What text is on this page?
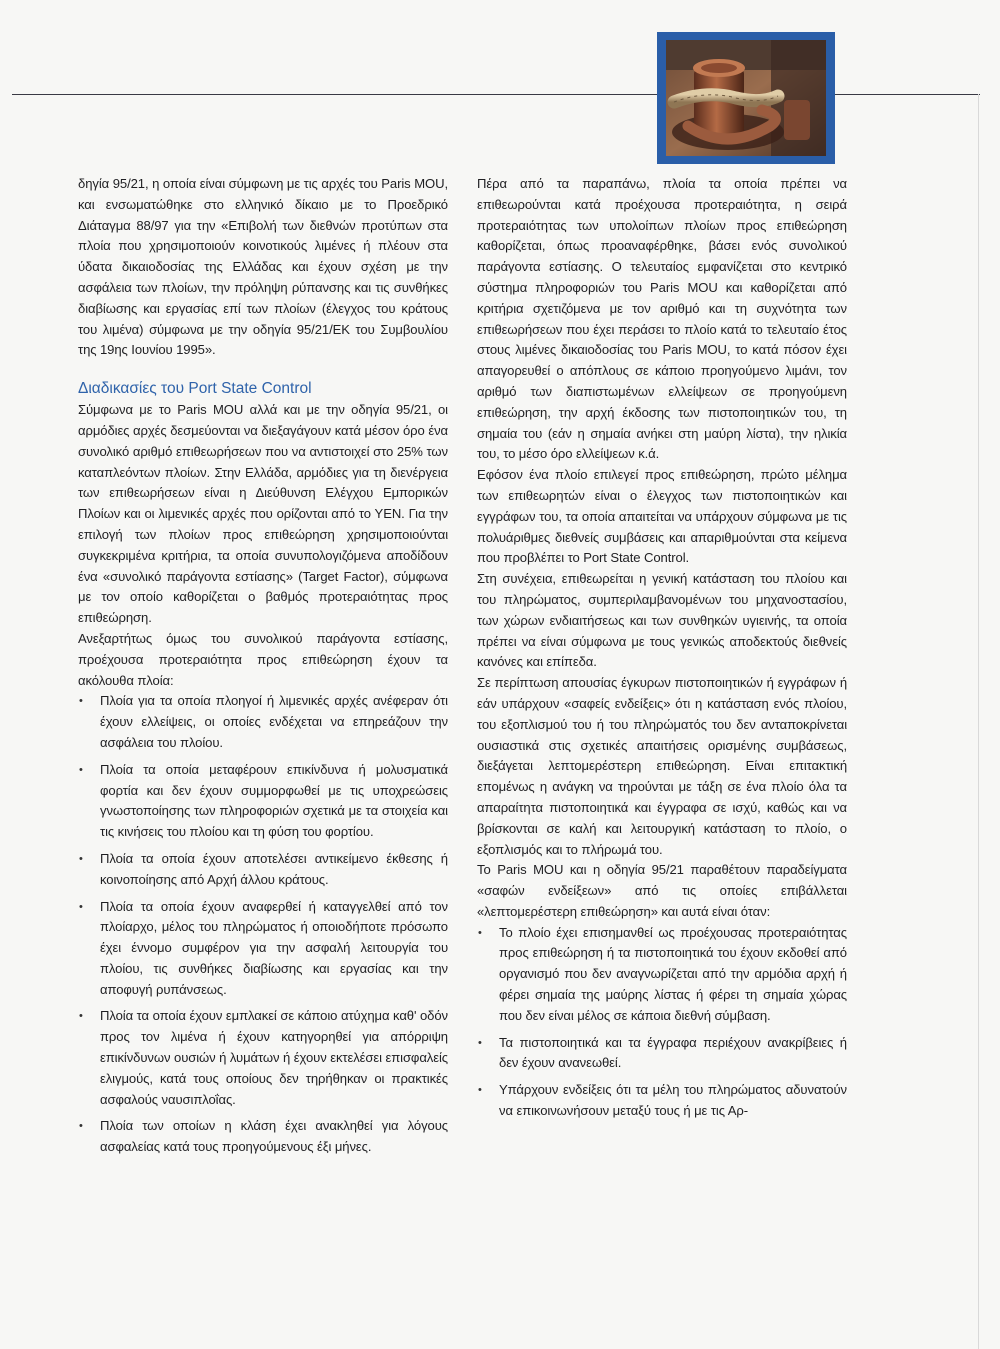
δηγία 95/21, η οποία είναι σύμφωνη με τις αρχές του Paris MOU, και ενσωματώθηκε στο ελληνικό δίκαιο με το Προεδρικό Διάταγμα 88/97 για την «Επιβολή των διεθνών προτύπων στα πλοία που χρησιμοποιούν κοινοτικούς λιμένες ή πλέουν στα ύδατα δικαιοδοσίας της Ελλάδας και έχουν σχέση με την ασφάλεια των πλοίων, την πρόληψη ρύπανσης και τις συνθήκες διαβίωσης και εργασίας επί των πλοίων (έλεγχος του κράτους του λιμένα) σύμφωνα με την οδηγία 95/21/ΕΚ του Συμβουλίου της 19ης Ιουνίου 1995».

Διαδικασίες του Port State Control

Σύμφωνα με το Paris MOU αλλά και με την οδηγία 95/21, οι αρμόδιες αρχές δεσμεύονται να διεξαγάγουν κατά μέσον όρο ένα συνολικό αριθμό επιθεωρήσεων που να αντιστοιχεί στο 25% των καταπλεόντων πλοίων. Στην Ελλάδα, αρμόδιες για τη διενέργεια των επιθεωρήσεων είναι η Διεύθυνση Ελέγχου Εμπορικών Πλοίων και οι λιμενικές αρχές που ορίζονται από το ΥΕΝ. Για την επιλογή των πλοίων προς επιθεώρηση χρησιμοποιούνται συγκεκριμένα κριτήρια, τα οποία συνυπολογιζόμενα αποδίδουν ένα «συνολικό παράγοντα εστίασης» (Target Factor), σύμφωνα με τον οποίο καθορίζεται ο βαθμός προτεραιότητας προς επιθεώρηση.

Ανεξαρτήτως όμως του συνολικού παράγοντα εστίασης, προέχουσα προτεραιότητα προς επιθεώρηση έχουν τα ακόλουθα πλοία:

• Πλοία για τα οποία πλοηγοί ή λιμενικές αρχές ανέφεραν ότι έχουν ελλείψεις, οι οποίες ενδέχεται να επηρεάζουν την ασφάλεια του πλοίου.
• Πλοία τα οποία μεταφέρουν επικίνδυνα ή μολυσματικά φορτία και δεν έχουν συμμορφωθεί με τις υποχρεώσεις γνωστοποίησης των πληροφοριών σχετικά με τα στοιχεία και τις κινήσεις του πλοίου και τη φύση του φορτίου.
• Πλοία τα οποία έχουν αποτελέσει αντικείμενο έκθεσης ή κοινοποίησης από Αρχή άλλου κράτους.
• Πλοία τα οποία έχουν αναφερθεί ή καταγγελθεί από τον πλοίαρχο, μέλος του πληρώματος ή οποιοδήποτε πρόσωπο έχει έννομο συμφέρον για την ασφαλή λειτουργία του πλοίου, τις συνθήκες διαβίωσης και εργασίας και την αποφυγή ρυπάνσεως.
• Πλοία τα οποία έχουν εμπλακεί σε κάποιο ατύχημα καθ' οδόν προς τον λιμένα ή έχουν κατηγορηθεί για απόρριψη επικίνδυνων ουσιών ή λυμάτων ή έχουν εκτελέσει επισφαλείς ελιγμούς, κατά τους οποίους δεν τηρήθηκαν οι πρακτικές ασφαλούς ναυσιπλοΐας.
• Πλοία των οποίων η κλάση έχει ανακληθεί για λόγους ασφαλείας κατά τους προηγούμενους έξι μήνες.

Πέρα από τα παραπάνω, πλοία τα οποία πρέπει να επιθεωρούνται κατά προέχουσα προτεραιότητα, η σειρά προτεραιότητας των υπολοίπων πλοίων προς επιθεώρηση καθορίζεται, όπως προαναφέρθηκε, βάσει ενός συνολικού παράγοντα εστίασης. Ο τελευταίος εμφανίζεται στο κεντρικό σύστημα πληροφοριών του Paris MOU και καθορίζεται από κριτήρια σχετιζόμενα με τον αριθμό και τη συχνότητα των επιθεωρήσεων που έχει περάσει το πλοίο κατά το τελευταίο έτος στους λιμένες δικαιοδοσίας του Paris MOU, το κατά πόσον έχει απαγορευθεί ο απόπλους σε κάποιο προηγούμενο λιμάνι, τον αριθμό των διαπιστωμένων ελλείψεων σε προηγούμενη επιθεώρηση, την αρχή έκδοσης των πιστοποιητικών του, τη σημαία του (εάν η σημαία ανήκει στη μαύρη λίστα), την ηλικία του, το μέσο όρο ελλείψεων κ.ά.

Εφόσον ένα πλοίο επιλεγεί προς επιθεώρηση, πρώτο μέλημα των επιθεωρητών είναι ο έλεγχος των πιστοποιητικών και εγγράφων του, τα οποία απαιτείται να υπάρχουν σύμφωνα με τις πολυάριθμες διεθνείς συμβάσεις και απαριθμούνται στα κείμενα που προβλέπει το Port State Control.

Στη συνέχεια, επιθεωρείται η γενική κατάσταση του πλοίου και του πληρώματος, συμπεριλαμβανομένων του μηχανοστασίου, των χώρων ενδιαιτήσεως και των συνθηκών υγιεινής, τα οποία πρέπει να είναι σύμφωνα με τους γενικώς αποδεκτούς διεθνείς κανόνες και επίπεδα.

Σε περίπτωση απουσίας έγκυρων πιστοποιητικών ή εγγράφων ή εάν υπάρχουν «σαφείς ενδείξεις» ότι η κατάσταση ενός πλοίου, του εξοπλισμού του ή του πληρώματός του δεν ανταποκρίνεται ουσιαστικά στις σχετικές απαιτήσεις ορισμένης συμβάσεως, διεξάγεται λεπτομερέστερη επιθεώρηση. Είναι επιτακτική επομένως η ανάγκη να τηρούνται με τάξη σε ένα πλοίο όλα τα απαραίτητα πιστοποιητικά και έγγραφα σε ισχύ, καθώς και να βρίσκονται σε καλή και λειτουργική κατάσταση το πλοίο, ο εξοπλισμός και το πλήρωμά του.

Το Paris MOU και η οδηγία 95/21 παραθέτουν παραδείγματα «σαφών ενδείξεων» από τις οποίες επιβάλλεται «λεπτομερέστερη επιθεώρηση» και αυτά είναι όταν:

• Το πλοίο έχει επισημανθεί ως προέχουσας προτεραιότητας προς επιθεώρηση ή τα πιστοποιητικά του έχουν εκδοθεί από οργανισμό που δεν αναγνωρίζεται από την αρμόδια αρχή ή φέρει σημαία της μαύρης λίστας ή φέρει τη σημαία χώρας που δεν είναι μέλος σε κάποια διεθνή σύμβαση.
• Τα πιστοποιητικά και τα έγγραφα περιέχουν ανακρίβειες ή δεν έχουν ανανεωθεί.
• Υπάρχουν ενδείξεις ότι τα μέλη του πληρώματος αδυνατούν να επικοινωνήσουν μεταξύ τους ή με τις Αρ-
